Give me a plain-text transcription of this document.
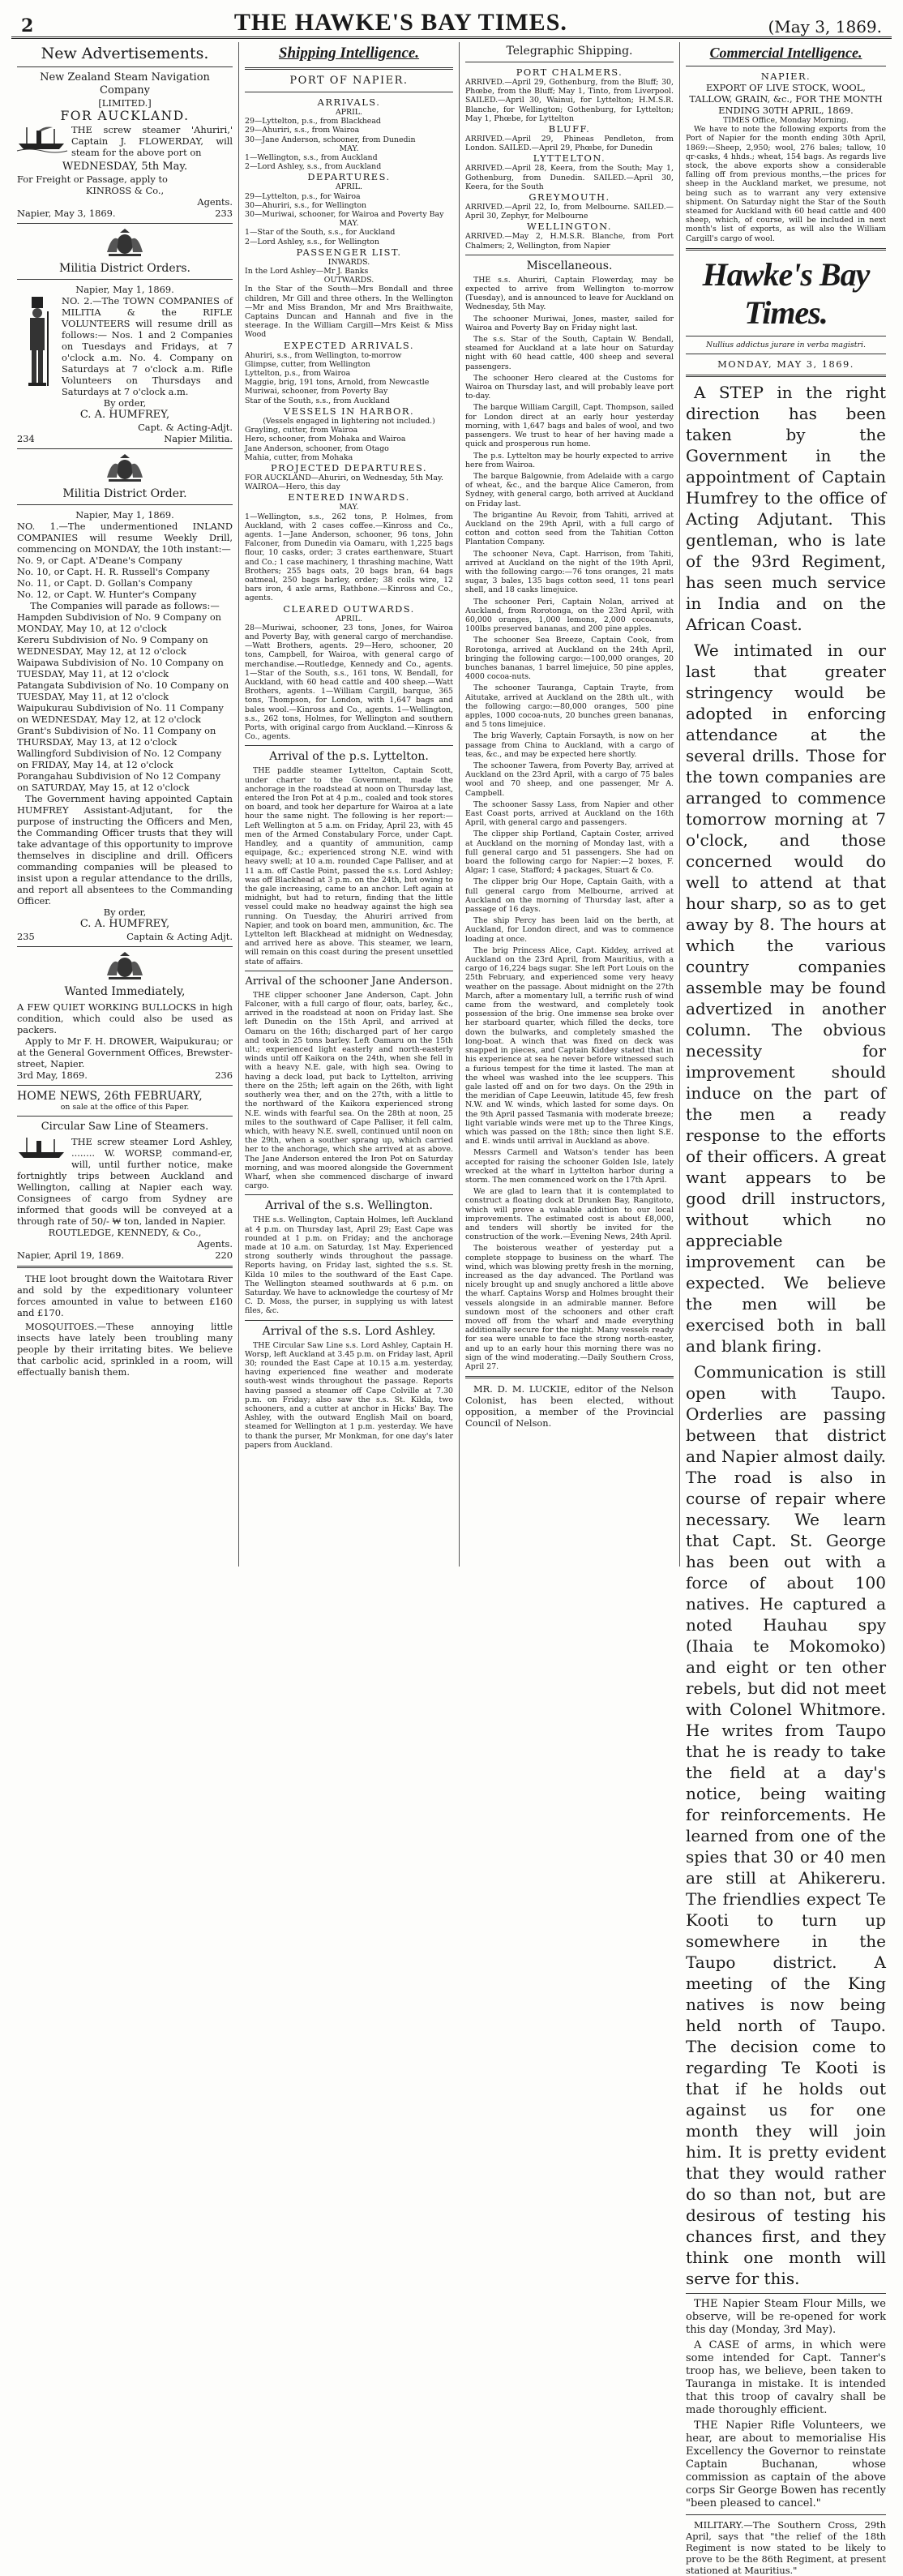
2	THE HAWKE'S BAY TIMES.	(May 3, 1869.
New Advertisements.
New Zealand Steam Navigation Company
[LIMITED.]
FOR AUCKLAND.
THE screw steamer 'Ahuriri,' Captain J. FLOWERDAY, will steam for the above port on
WEDNESDAY, 5th May.
For Freight or Passage, apply to
KINROSS & Co.,
Agents.
Napier, May 3, 1869.	233
Militia District Orders.
Napier, May 1, 1869.
NO. 2.—The TOWN COMPANIES of MILITIA & the RIFLE VOLUNTEERS will resume drill as follows:— Nos. 1 and 2 Companies on Tuesdays and Fridays, at 7 o'clock a.m. No. 4. Company on Saturdays at 7 o'clock a.m. Rifle Volunteers on Thursdays and Saturdays at 7 o'clock a.m.
By order,
C. A. HUMFREY,
Capt. & Acting-Adjt.
234	Napier Militia.
Militia District Order.
Napier, May 1, 1869.
NO. 1.—The undermentioned INLAND COMPANIES will resume Weekly Drill, commencing on MONDAY, the 10th instant:—
No. 9, or Capt. A'Deane's Company
No. 10, or Capt. H. R. Russell's Company
No. 11, or Capt. D. Gollan's Company
No. 12, or Capt. W. Hunter's Company
The Companies will parade as follows:—
Hampden Subdivision of No. 9 Company on MONDAY, May 10, at 12 o'clock
Kereru Subdivision of No. 9 Company on WEDNESDAY, May 12, at 12 o'clock
Waipawa Subdivision of No. 10 Company on TUESDAY, May 11, at 12 o'clock
Patangata Subdivision of No. 10 Company on TUESDAY, May 11, at 12 o'clock
Waipukurau Subdivision of No. 11 Company on WEDNESDAY, May 12, at 12 o'clock
Grant's Subdivision of No. 11 Company on THURSDAY, May 13, at 12 o'clock
Wallingford Subdivision of No. 12 Company on FRIDAY, May 14, at 12 o'clock
Porangahau Subdivision of No 12 Company on SATURDAY, May 15, at 12 o'clock
The Government having appointed Captain HUMFREY Assistant-Adjutant, for the purpose of instructing the Officers and Men, the Commanding Officer trusts that they will take advantage of this opportunity to improve themselves in discipline and drill. Officers commanding companies will be pleased to insist upon a regular attendance to the drills, and report all absentees to the Commanding Officer.
By order,
C. A. HUMFREY,
235	Captain & Acting Adjt.
Wanted Immediately,
A FEW QUIET WORKING BULLOCKS in high condition, which could also be used as packers.
Apply to Mr F. H. DROWER, Waipukurau; or at the General Government Offices, Brewster-street, Napier.
3rd May, 1869.	236
HOME NEWS, 26th FEBRUARY,
on sale at the office of this Paper.
Circular Saw Line of Steamers.
THE screw steamer Lord Ashley, ........ W. WORSP, command-er, will, until further notice, make fortnightly trips between Auckland and Wellington, calling at Napier each way. Consignees of cargo from Sydney are informed that goods will be conveyed at a through rate of 50/- ₩ ton, landed in Napier.
ROUTLEDGE, KENNEDY, & Co.,
Agents.
Napier, April 19, 1869.	220
THE loot brought down the Waitotara River and sold by the expeditionary volunteer forces amounted in value to between £160 and £170.
MOSQUITOES.—These annoying little insects have lately been troubling many people by their irritating bites. We believe that carbolic acid, sprinkled in a room, will effectually banish them.
Shipping Intelligence.
PORT OF NAPIER.
ARRIVALS.
APRIL.
29—Lyttelton, p.s., from Blackhead
29—Ahuriri, s.s., from Wairoa
30—Jane Anderson, schooner, from Dunedin
MAY.
1—Wellington, s.s., from Auckland
2—Lord Ashley, s.s., from Auckland
DEPARTURES.
APRIL.
29—Lyttelton, p.s., for Wairoa
30—Ahuriri, s.s., for Wellington
30—Muriwai, schooner, for Wairoa and Poverty Bay
MAY.
1—Star of the South, s.s., for Auckland
2—Lord Ashley, s.s., for Wellington
PASSENGER LIST.
INWARDS.
In the Lord Ashley—Mr J. Banks
OUTWARDS.
In the Star of the South—Mrs Bondall and three children, Mr Gill and three others. In the Wellington—Mr and Miss Brandon, Mr and Mrs Braithwaite, Captains Duncan and Hannah and five in the steerage. In the William Cargill—Mrs Keist & Miss Wood
EXPECTED ARRIVALS.
Ahuriri, s.s., from Wellington, to-morrow
Glimpse, cutter, from Wellington
Lyttelton, p.s., from Wairoa
Maggie, brig, 191 tons, Arnold, from Newcastle
Muriwai, schooner, from Poverty Bay
Star of the South, s.s., from Auckland
VESSELS IN HARBOR.
(Vessels engaged in lightering not included.)
Grayling, cutter, from Wairoa
Hero, schooner, from Mohaka and Wairoa
Jane Anderson, schooner, from Otago
Mahia, cutter, from Mohaka
PROJECTED DEPARTURES.
FOR AUCKLAND—Ahuriri, on Wednesday, 5th May. WAIROA—Hero, this day
ENTERED INWARDS.
MAY.
1—Wellington, s.s., 262 tons, P. Holmes, from Auckland, with 2 cases coffee.—Kinross and Co., agents. 1—Jane Anderson, schooner, 96 tons, John Falconer, from Dunedin via Oamaru, with 1,225 bags flour, 10 casks, order; 3 crates earthenware, Stuart and Co.; 1 case machinery, 1 thrashing machine, Watt Brothers; 255 bags oats, 20 bags bran, 64 bags oatmeal, 250 bags barley, order; 38 coils wire, 12 bars iron, 4 axle arms, Rathbone.—Kinross and Co., agents.
CLEARED OUTWARDS.
APRIL.
28—Muriwai, schooner, 23 tons, Jones, for Wairoa and Poverty Bay, with general cargo of merchandise.—Watt Brothers, agents. 29—Hero, schooner, 20 tons, Campbell, for Wairoa, with general cargo of merchandise.—Routledge, Kennedy and Co., agents. 1—Star of the South, s.s., 161 tons, W. Bendall, for Auckland, with 60 head cattle and 400 sheep.—Watt Brothers, agents. 1—William Cargill, barque, 365 tons, Thompson, for London, with 1,647 bags and bales wool.—Kinross and Co., agents. 1—Wellington, s.s., 262 tons, Holmes, for Wellington and southern Ports, with original cargo from Auckland.—Kinross & Co., agents.
Arrival of the p.s. Lyttelton.
THE paddle steamer Lyttelton, Captain Scott, under charter to the Government, made the anchorage in the roadstead at noon on Thursday last, entered the Iron Pot at 4 p.m., coaled and took stores on board, and took her departure for Wairoa at a late hour the same night. The following is her report:—Left Wellington at 5 a.m. on Friday, April 23, with 45 men of the Armed Constabulary Force, under Capt. Handley, and a quantity of ammunition, camp equipage, &c.; experienced strong N.E. wind with heavy swell; at 10 a.m. rounded Cape Palliser, and at 11 a.m. off Castle Point, passed the s.s. Lord Ashley; was off Blackhead at 3 p.m. on the 24th, but owing to the gale increasing, came to an anchor. Left again at midnight, but had to return, finding that the little vessel could make no headway against the high sea running. On Tuesday, the Ahuriri arrived from Napier, and took on board men, ammunition, &c. The Lyttelton left Blackhead at midnight on Wednesday, and arrived here as above. This steamer, we learn, will remain on this coast during the present unsettled state of affairs.
Arrival of the schooner Jane Anderson.
THE clipper schooner Jane Anderson, Capt. John Falconer, with a full cargo of flour, oats, barley, &c., arrived in the roadstead at noon on Friday last. She left Dunedin on the 15th April, and arrived at Oamaru on the 16th; discharged part of her cargo and took in 25 tons barley. Left Oamaru on the 15th ult.; experienced light easterly and north-easterly winds until off Kaikora on the 24th, when she fell in with a heavy N.E. gale, with high sea. Owing to having a deck load, put back to Lyttelton, arriving there on the 25th; left again on the 26th, with light southerly wea ther, and on the 27th, with a little to the northward of the Kaikora experienced strong N.E. winds with fearful sea. On the 28th at noon, 25 miles to the southward of Cape Palliser, it fell calm, which, with heavy N.E. swell, continued until noon on the 29th, when a souther sprang up, which carried her to the anchorage, which she arrived at as above. The Jane Anderson entered the Iron Pot on Saturday morning, and was moored alongside the Government Wharf, when she commenced discharge of inward cargo.
Arrival of the s.s. Wellington.
THE s.s. Wellington, Captain Holmes, left Auckland at 4 p.m. on Thursday last, April 29; East Cape was rounded at 1 p.m. on Friday; and the anchorage made at 10 a.m. on Saturday, 1st May. Experienced strong southerly winds throughout the passage. Reports having, on Friday last, sighted the s.s. St. Kilda 10 miles to the southward of the East Cape. The Wellington steamed southwards at 6 p.m. on Saturday. We have to acknowledge the courtesy of Mr C. D. Moss, the purser, in supplying us with latest files, &c.
Arrival of the s.s. Lord Ashley.
THE Circular Saw Line s.s. Lord Ashley, Captain H. Worsp, left Auckland at 3.45 p.m. on Friday last, April 30; rounded the East Cape at 10.15 a.m. yesterday, having experienced fine weather and moderate south-west winds throughout the passage. Reports having passed a steamer off Cape Colville at 7.30 p.m. on Friday; also saw the s.s. St. Kilda, two schooners, and a cutter at anchor in Hicks' Bay. The Ashley, with the outward English Mail on board, steamed for Wellington at 1 p.m. yesterday. We have to thank the purser, Mr Monkman, for one day's later papers from Auckland.
Telegraphic Shipping.
PORT CHALMERS.
ARRIVED.—April 29, Gothenburg, from the Bluff; 30, Phœbe, from the Bluff; May 1, Tinto, from Liverpool. SAILED.—April 30, Wainui, for Lyttelton; H.M.S.R. Blanche, for Wellington; Gothenburg, for Lyttelton; May 1, Phœbe, for Lyttelton
BLUFF.
ARRIVED.—April 29, Phineas Pendleton, from London. SAILED.—April 29, Phœbe, for Dunedin
LYTTELTON.
ARRIVED.—April 28, Keera, from the South; May 1, Gothenburg, from Dunedin. SAILED.—April 30, Keera, for the South
GREYMOUTH.
ARRIVED.—April 22, Io, from Melbourne. SAILED.—April 30, Zephyr, for Melbourne
WELLINGTON.
ARRIVED.—May 2, H.M.S.R. Blanche, from Port Chalmers; 2, Wellington, from Napier
Miscellaneous.
THE s.s. Ahuriri, Captain Flowerday, may be expected to arrive from Wellington to-morrow (Tuesday), and is announced to leave for Auckland on Wednesday, 5th May.
The schooner Muriwai, Jones, master, sailed for Wairoa and Poverty Bay on Friday night last.
The s.s. Star of the South, Captain W. Bendall, steamed for Auckland at a late hour on Saturday night with 60 head cattle, 400 sheep and several passengers.
The schooner Hero cleared at the Customs for Wairoa on Thursday last, and will probably leave port to-day.
The barque William Cargill, Capt. Thompson, sailed for London direct at an early hour yesterday morning, with 1,647 bags and bales of wool, and two passengers. We trust to hear of her having made a quick and prosperous run home.
The p.s. Lyttelton may be hourly expected to arrive here from Wairoa.
The barque Balgownie, from Adelaide with a cargo of wheat, &c., and the barque Alice Cameron, from Sydney, with general cargo, both arrived at Auckland on Friday last.
The brigantine Au Revoir, from Tahiti, arrived at Auckland on the 29th April, with a full cargo of cotton and cotton seed from the Tahitian Cotton Plantation Company.
The schooner Neva, Capt. Harrison, from Tahiti, arrived at Auckland on the night of the 19th April, with the following cargo:—76 tons oranges, 21 mats sugar, 3 bales, 135 bags cotton seed, 11 tons pearl shell, and 18 casks limejuice.
The schooner Peri, Captain Nolan, arrived at Auckland, from Rorotonga, on the 23rd April, with 60,000 oranges, 1,000 lemons, 2,000 cocoanuts, 100lbs preserved bananas, and 200 pine apples.
The schooner Sea Breeze, Captain Cook, from Rorotonga, arrived at Auckland on the 24th April, bringing the following cargo:—100,000 oranges, 20 bunches bananas, 1 barrel limejuice, 50 pine apples, 4000 cocoa-nuts.
The schooner Tauranga, Captain Trayte, from Aitutake, arrived at Auckland on the 28th ult., with the following cargo:—80,000 oranges, 500 pine apples, 1000 cocoa-nuts, 20 bunches green bananas, and 5 tons limejuice.
The brig Waverly, Captain Forsayth, is now on her passage from China to Auckland, with a cargo of teas, &c., and may be expected here shortly.
The schooner Tawera, from Poverty Bay, arrived at Auckland on the 23rd April, with a cargo of 75 bales wool and 70 sheep, and one passenger, Mr A. Campbell.
The schooner Sassy Lass, from Napier and other East Coast ports, arrived at Auckland on the 16th April, with general cargo and passengers.
The clipper ship Portland, Captain Coster, arrived at Auckland on the morning of Monday last, with a full general cargo and 51 passengers. She had on board the following cargo for Napier:—2 boxes, F. Algar; 1 case, Stafford; 4 packages, Stuart & Co.
The clipper brig Our Hope, Captain Gaith, with a full general cargo from Melbourne, arrived at Auckland on the morning of Thursday last, after a passage of 16 days.
The ship Percy has been laid on the berth, at Auckland, for London direct, and was to commence loading at once.
The brig Princess Alice, Capt. Kiddey, arrived at Auckland on the 23rd April, from Mauritius, with a cargo of 16,224 bags sugar. She left Port Louis on the 25th February, and experienced some very heavy weather on the passage. About midnight on the 27th March, after a momentary lull, a terrific rush of wind came from the westward, and completely took possession of the brig. One immense sea broke over her starboard quarter, which filled the decks, tore down the bulwarks, and completely smashed the long-boat. A winch that was fixed on deck was snapped in pieces, and Captain Kiddey stated that in his experience at sea he never before witnessed such a furious tempest for the time it lasted. The man at the wheel was washed into the lee scuppers. This gale lasted off and on for two days. On the 29th in the meridian of Cape Leeuwin, latitude 45, few fresh N.W. and W. winds, which lasted for some days. On the 9th April passed Tasmania with moderate breeze; light variable winds were met up to the Three Kings, which was passed on the 18th; since then light S.E. and E. winds until arrival in Auckland as above.
Messrs Carmell and Watson's tender has been accepted for raising the schooner Golden Isle, lately wrecked at the wharf in Lyttelton harbor during a storm. The men commenced work on the 17th April.
We are glad to learn that it is contemplated to construct a floating dock at Drunken Bay, Rangitoto, which will prove a valuable addition to our local improvements. The estimated cost is about £8,000, and tenders will shortly be invited for the construction of the work.—Evening News, 24th April.
The boisterous weather of yesterday put a complete stoppage to business on the wharf. The wind, which was blowing pretty fresh in the morning, increased as the day advanced. The Portland was nicely brought up and snugly anchored a little above the wharf. Captains Worsp and Holmes brought their vessels alongside in an admirable manner. Before sundown most of the schooners and other craft moved off from the wharf and made everything additionally secure for the night. Many vessels ready for sea were unable to face the strong north-easter, and up to an early hour this morning there was no sign of the wind moderating.—Daily Southern Cross, April 27.
MR. D. M. LUCKIE, editor of the Nelson Colonist, has been elected, without opposition, a member of the Provincial Council of Nelson.
Commercial Intelligence.
NAPIER.
EXPORT OF LIVE STOCK, WOOL, TALLOW, GRAIN, &c., FOR THE MONTH ENDING 30TH APRIL, 1869.
TIMES Office, Monday Morning.
We have to note the following exports from the Port of Napier for the month ending 30th April, 1869:—Sheep, 2,950; wool, 276 bales; tallow, 10 qr-casks, 4 hhds.; wheat, 154 bags. As regards live stock, the above exports show a considerable falling off from previous months,—the prices for sheep in the Auckland market, we presume, not being such as to warrant any very extensive shipment. On Saturday night the Star of the South steamed for Auckland with 60 head cattle and 400 sheep, which, of course, will be included in next month's list of exports, as will also the William Cargill's cargo of wool.
Hawke's Bay Times.
Nullius addictus jurare in verba magistri.
MONDAY, MAY 3, 1869.
A STEP in the right direction has been taken by the Government in the appointment of Captain Humfrey to the office of Acting Adjutant. This gentleman, who is late of the 93rd Regiment, has seen much service in India and on the African Coast.
We intimated in our last that greater stringency would be adopted in enforcing attendance at the several drills. Those for the town companies are arranged to commence tomorrow morning at 7 o'clock, and those concerned would do well to attend at that hour sharp, so as to get away by 8. The hours at which the various country companies assemble may be found advertized in another column. The obvious necessity for improvement should induce on the part of the men a ready response to the efforts of their officers. A great want appears to be good drill instructors, without which no appreciable improvement can be expected. We believe the men will be exercised both in ball and blank firing.
Communication is still open with Taupo. Orderlies are passing between that district and Napier almost daily. The road is also in course of repair where necessary. We learn that Capt. St. George has been out with a force of about 100 natives. He captured a noted Hauhau spy (Ihaia te Mokomoko) and eight or ten other rebels, but did not meet with Colonel Whitmore. He writes from Taupo that he is ready to take the field at a day's notice, being waiting for reinforcements. He learned from one of the spies that 30 or 40 men are still at Ahikereru. The friendlies expect Te Kooti to turn up somewhere in the Taupo district. A meeting of the King natives is now being held north of Taupo. The decision come to regarding Te Kooti is that if he holds out against us for one month they will join him. It is pretty evident that they would rather do so than not, but are desirous of testing his chances first, and they think one month will serve for this.
THE Napier Steam Flour Mills, we observe, will be re-opened for work this day (Monday, 3rd May).
A CASE of arms, in which were some intended for Capt. Tanner's troop has, we believe, been taken to Tauranga in mistake. It is intended that this troop of cavalry shall be made thoroughly efficient.
THE Napier Rifle Volunteers, we hear, are about to memorialise His Excellency the Governor to reinstate Captain Buchanan, whose commission as captain of the above corps Sir George Bowen has recently "been pleased to cancel."
MILITARY.—The Southern Cross, 29th April, says that "the relief of the 18th Regiment is now stated to be likely to prove to be the 86th Regiment, at present stationed at Mauritius."
